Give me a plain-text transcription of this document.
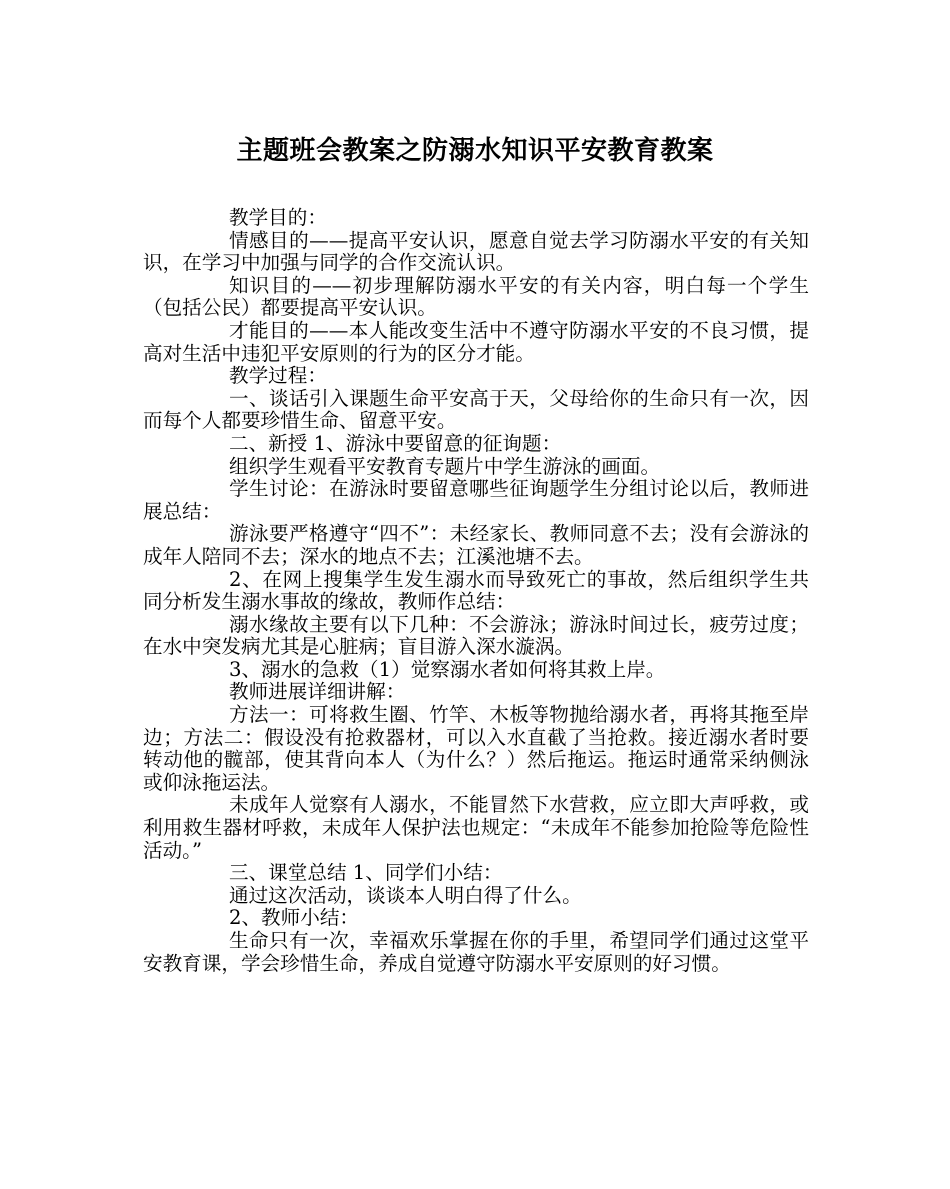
主题班会教案之防溺水知识平安教育教案

教学目的：

情感目的——提高平安认识，愿意自觉去学习防溺水平安的有关知识，在学习中加强与同学的合作交流认识。

知识目的——初步理解防溺水平安的有关内容，明白每一个学生（包括公民）都要提高平安认识。

才能目的——本人能改变生活中不遵守防溺水平安的不良习惯，提高对生活中违犯平安原则的行为的区分才能。

教学过程：

一、谈话引入课题生命平安高于天，父母给你的生命只有一次，因而每个人都要珍惜生命、留意平安。

二、新授 1、游泳中要留意的征询题：

组织学生观看平安教育专题片中学生游泳的画面。

学生讨论：在游泳时要留意哪些征询题学生分组讨论以后，教师进展总结：

游泳要严格遵守“四不”：未经家长、教师同意不去；没有会游泳的成年人陪同不去；深水的地点不去；江溪池塘不去。

2、在网上搜集学生发生溺水而导致死亡的事故，然后组织学生共同分析发生溺水事故的缘故，教师作总结：

溺水缘故主要有以下几种：不会游泳；游泳时间过长，疲劳过度；在水中突发病尤其是心脏病；盲目游入深水漩涡。

3、溺水的急救（1）觉察溺水者如何将其救上岸。

教师进展详细讲解：

方法一：可将救生圈、竹竿、木板等物抛给溺水者，再将其拖至岸边；方法二：假设没有抢救器材，可以入水直截了当抢救。接近溺水者时要转动他的髋部，使其背向本人（为什么？）然后拖运。拖运时通常采纳侧泳或仰泳拖运法。

未成年人觉察有人溺水，不能冒然下水营救，应立即大声呼救，或利用救生器材呼救，未成年人保护法也规定：“未成年不能参加抢险等危险性活动。”

三、课堂总结 1、同学们小结：

通过这次活动，谈谈本人明白得了什么。

2、教师小结：

生命只有一次，幸福欢乐掌握在你的手里，希望同学们通过这堂平安教育课，学会珍惜生命，养成自觉遵守防溺水平安原则的好习惯。
